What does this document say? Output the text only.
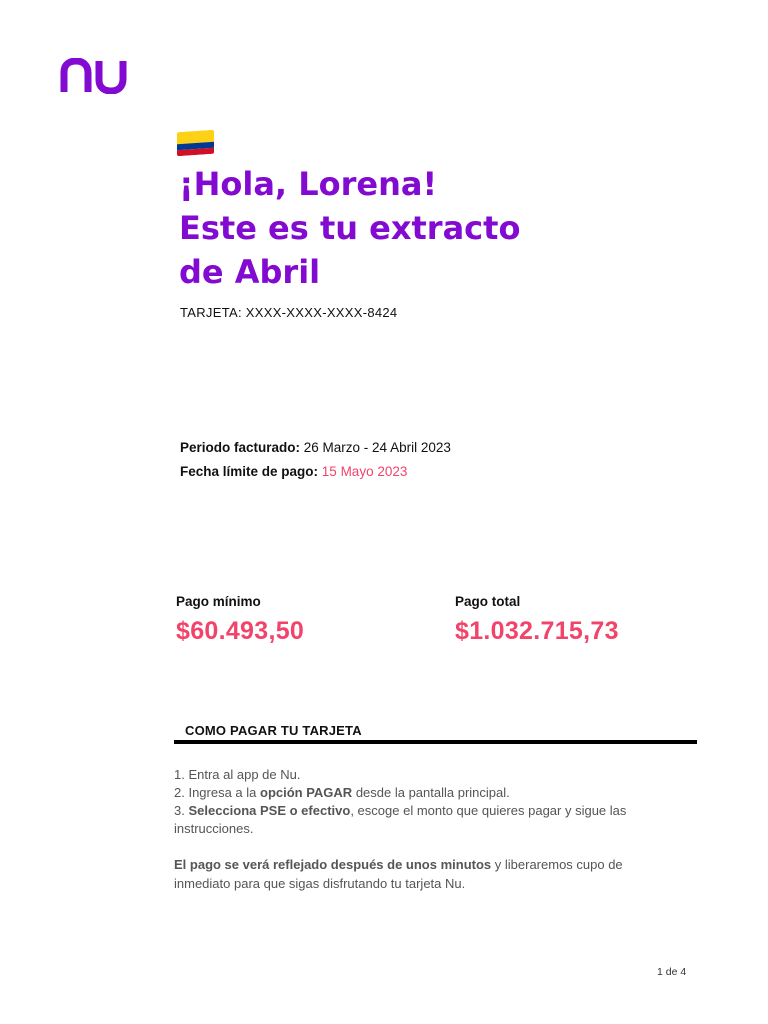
¡Hola, Lorena!
Este es tu extracto
de Abril
TARJETA: XXXX-XXXX-XXXX-8424
Periodo facturado: 26 Marzo - 24 Abril 2023
Fecha límite de pago: 15 Mayo 2023
Pago mínimo
$60.493,50
Pago total
$1.032.715,73
COMO PAGAR TU TARJETA
1. Entra al app de Nu.
2. Ingresa a la opción PAGAR desde la pantalla principal.
3. Selecciona PSE o efectivo, escoge el monto que quieres pagar y sigue las instrucciones.
El pago se verá reflejado después de unos minutos y liberaremos cupo de inmediato para que sigas disfrutando tu tarjeta Nu.
1 de 4
